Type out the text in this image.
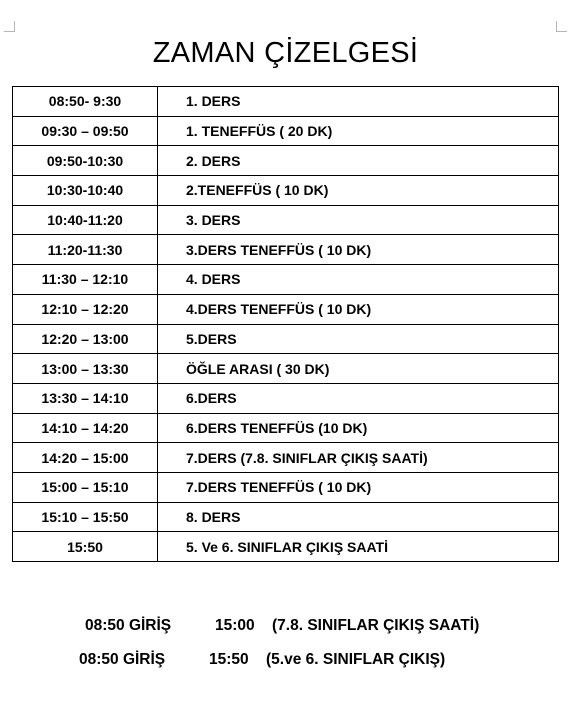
ZAMAN ÇİZELGESİ
08:50- 9:30	1. DERS
09:30 – 09:50	1. TENEFFÜS ( 20 DK)
09:50-10:30	2. DERS
10:30-10:40	2.TENEFFÜS ( 10 DK)
10:40-11:20	3. DERS
11:20-11:30	3.DERS TENEFFÜS ( 10 DK)
11:30 – 12:10	4. DERS
12:10 – 12:20	4.DERS TENEFFÜS ( 10 DK)
12:20 – 13:00	5.DERS
13:00 – 13:30	ÖĞLE ARASI ( 30 DK)
13:30 – 14:10	6.DERS
14:10 – 14:20	6.DERS TENEFFÜS (10 DK)
14:20 – 15:00	7.DERS (7.8. SINIFLAR ÇIKIŞ SAATİ)
15:00 – 15:10	7.DERS TENEFFÜS ( 10 DK)
15:10 – 15:50	8. DERS
15:50	5. Ve 6. SINIFLAR ÇIKIŞ SAATİ
08:50 GİRİŞ	15:00 (7.8. SINIFLAR ÇIKIŞ SAATİ)
08:50 GİRİŞ	15:50 (5.ve 6. SINIFLAR ÇIKIŞ)
